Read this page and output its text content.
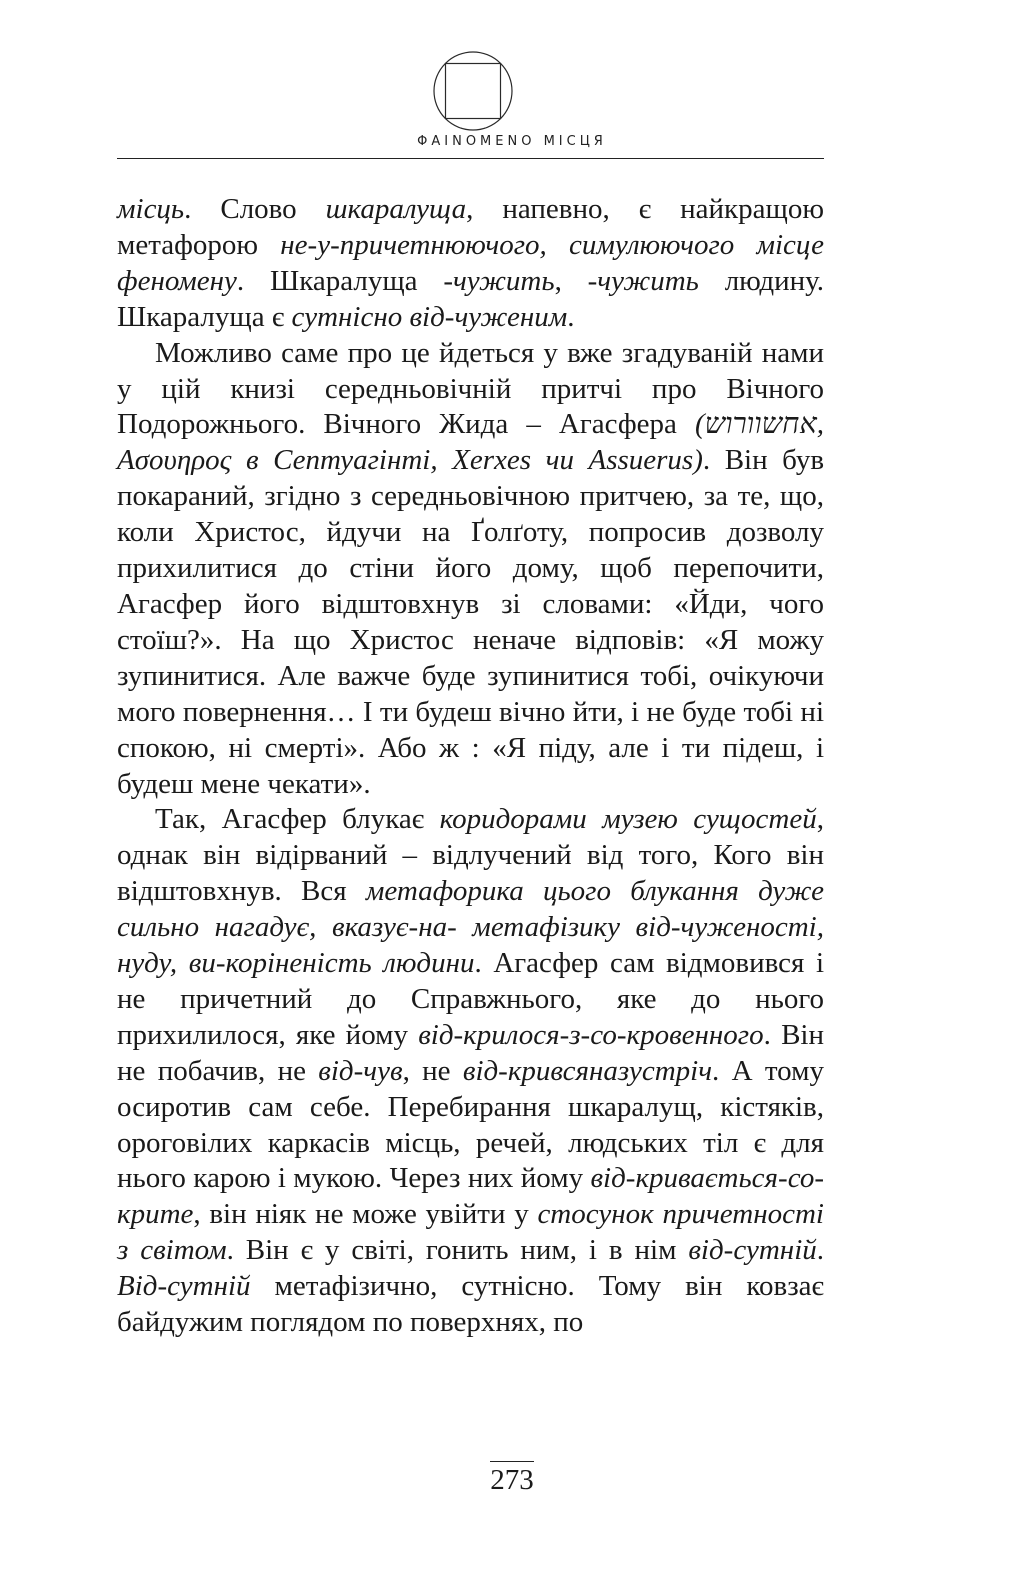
ΦAINOMENO МІСЦЯ

місць. Слово шкаралуща, напевно, є найкращою метафорою не-у-причетнюючого, симулюючого місце феномену. Шкаралуща -чужить, -чужить людину. Шкаралуща є сутнісно від-чуженим.

Можливо саме про це йдеться у вже згадуваній нами у цій книзі середньовічній притчі про Вічного Подорожнього. Вічного Жида – Агасфера (אחשוורוש, Ασουηρος в Септуагінті, Xerxes чи Assuerus). Він був покараний, згідно з середньовічною притчею, за те, що, коли Христос, йдучи на Ґолґоту, попросив дозволу прихилитися до стіни його дому, щоб перепочити, Агасфер його відштовхнув зі словами: «Йди, чого стоїш?». На що Христос неначе відповів: «Я можу зупинитися. Але важче буде зупинитися тобі, очікуючи мого повернення… І ти будеш вічно йти, і не буде тобі ні спокою, ні смерті». Або ж : «Я піду, але і ти підеш, і будеш мене чекати».

Так, Агасфер блукає коридорами музею сущостей, однак він відірваний – відлучений від того, Кого він відштовхнув. Вся метафорика цього блукання дуже сильно нагадує, вказує-на- метафізику від-чуженості, нуду, ви-коріненість людини. Агасфер сам відмовився і не причетний до Справжнього, яке до нього прихилилося, яке йому від-крилося-з-со-кровенного. Він не побачив, не від-чув, не від-кривсяназустріч. А тому осиротив сам себе. Перебирання шкаралущ, кістяків, ороговілих каркасів місць, речей, людських тіл є для нього карою і мукою. Через них йому від-кривається-со-крите, він ніяк не може увійти у стосунок причетності з світом. Він є у світі, гонить ним, і в нім від-сутній. Від-сутній метафізично, сутнісно. Тому він ковзає байдужим поглядом по поверхнях, по

273
